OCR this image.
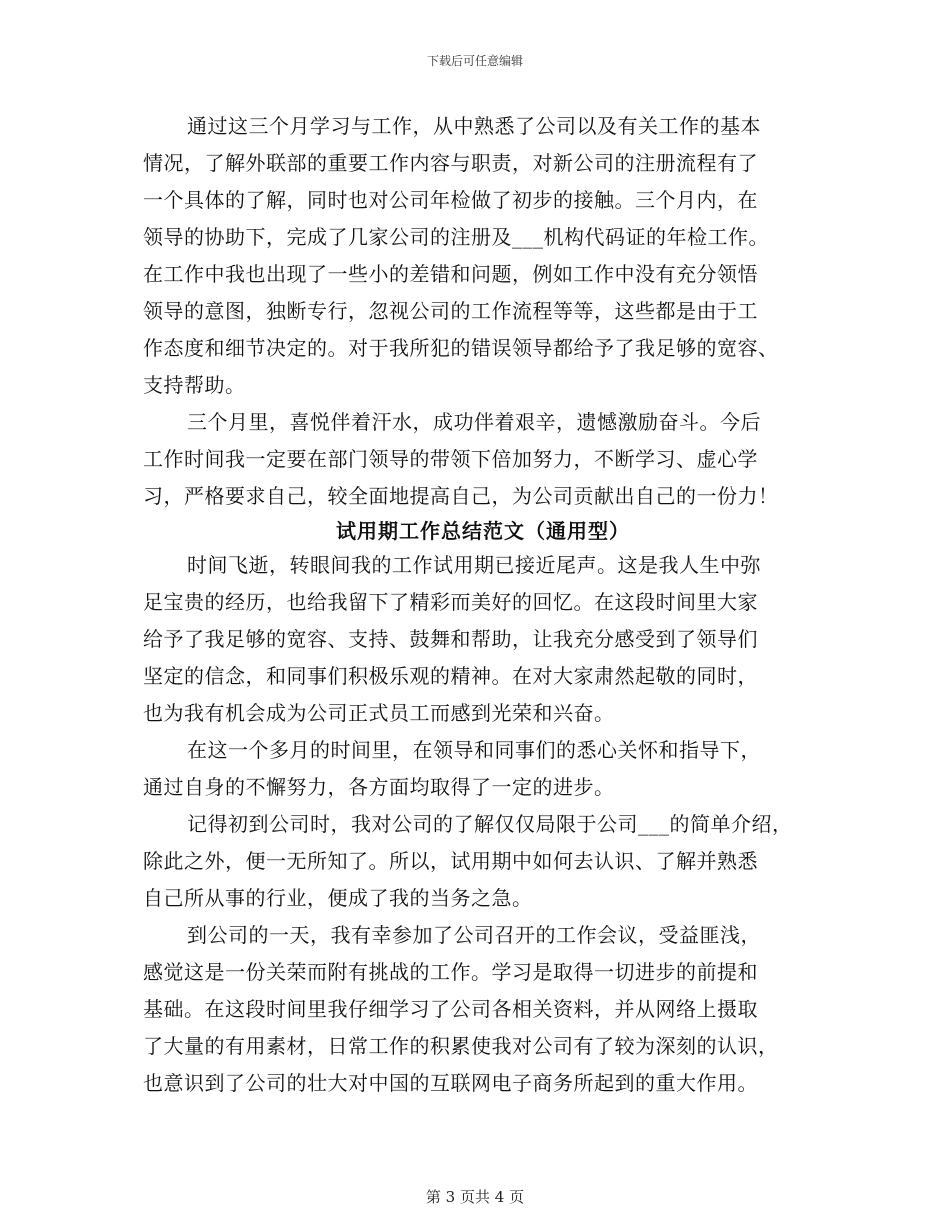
下载后可任意编辑
通过这三个月学习与工作，从中熟悉了公司以及有关工作的基本
情况，了解外联部的重要工作内容与职责，对新公司的注册流程有了
一个具体的了解，同时也对公司年检做了初步的接触。三个月内，在
领导的协助下，完成了几家公司的注册及___机构代码证的年检工作。
在工作中我也出现了一些小的差错和问题，例如工作中没有充分领悟
领导的意图，独断专行，忽视公司的工作流程等等，这些都是由于工
作态度和细节决定的。对于我所犯的错误领导都给予了我足够的宽容、
支持帮助。
三个月里，喜悦伴着汗水，成功伴着艰辛，遗憾激励奋斗。今后
工作时间我一定要在部门领导的带领下倍加努力，不断学习、虚心学
习，严格要求自己，较全面地提高自己，为公司贡献出自己的一份力！
试用期工作总结范文（通用型）
时间飞逝，转眼间我的工作试用期已接近尾声。这是我人生中弥
足宝贵的经历，也给我留下了精彩而美好的回忆。在这段时间里大家
给予了我足够的宽容、支持、鼓舞和帮助，让我充分感受到了领导们
坚定的信念，和同事们积极乐观的精神。在对大家肃然起敬的同时，
也为我有机会成为公司正式员工而感到光荣和兴奋。
在这一个多月的时间里，在领导和同事们的悉心关怀和指导下，
通过自身的不懈努力，各方面均取得了一定的进步。
记得初到公司时，我对公司的了解仅仅局限于公司___的简单介绍，
除此之外，便一无所知了。所以，试用期中如何去认识、了解并熟悉
自己所从事的行业，便成了我的当务之急。
到公司的一天，我有幸参加了公司召开的工作会议，受益匪浅，
感觉这是一份关荣而附有挑战的工作。学习是取得一切进步的前提和
基础。在这段时间里我仔细学习了公司各相关资料，并从网络上摄取
了大量的有用素材，日常工作的积累使我对公司有了较为深刻的认识，
也意识到了公司的壮大对中国的互联网电子商务所起到的重大作用。
第 3 页共 4 页
